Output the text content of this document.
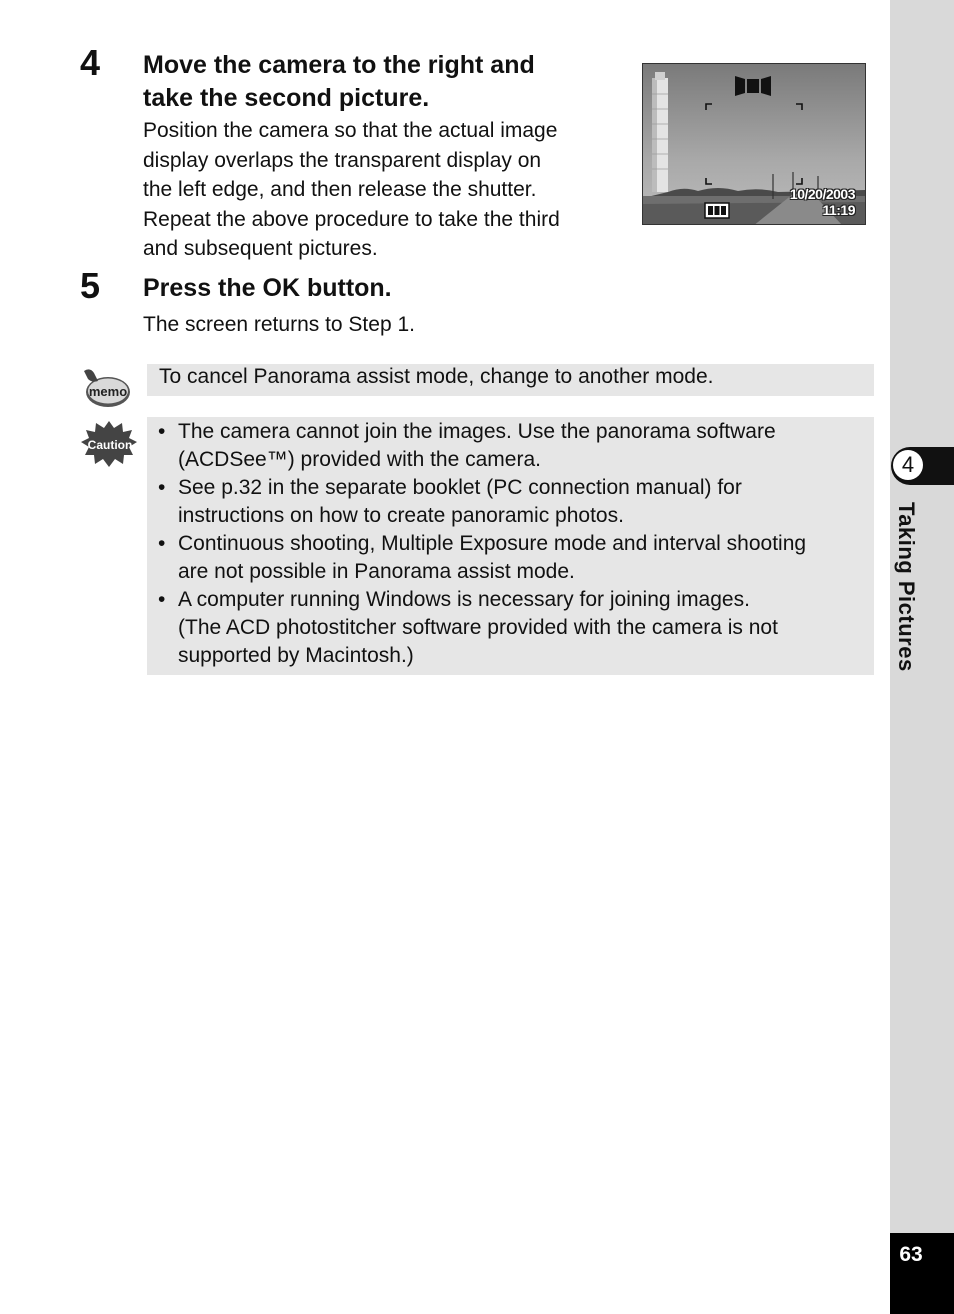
4
Taking Pictures
63
4 Move the camera to the right and
take the second picture.
Position the camera so that the actual image
display overlaps the transparent display on
the left edge, and then release the shutter.
Repeat the above procedure to take the third
and subsequent pictures.
10/20/2003
11:19
5 Press the OK button.
The screen returns to Step 1.
memo
To cancel Panorama assist mode, change to another mode.
Caution
• The camera cannot join the images. Use the panorama software
(ACDSee™) provided with the camera.
• See p.32 in the separate booklet (PC connection manual) for
instructions on how to create panoramic photos.
• Continuous shooting, Multiple Exposure mode and interval shooting
are not possible in Panorama assist mode.
• A computer running Windows is necessary for joining images.
(The ACD photostitcher software provided with the camera is not
supported by Macintosh.)
